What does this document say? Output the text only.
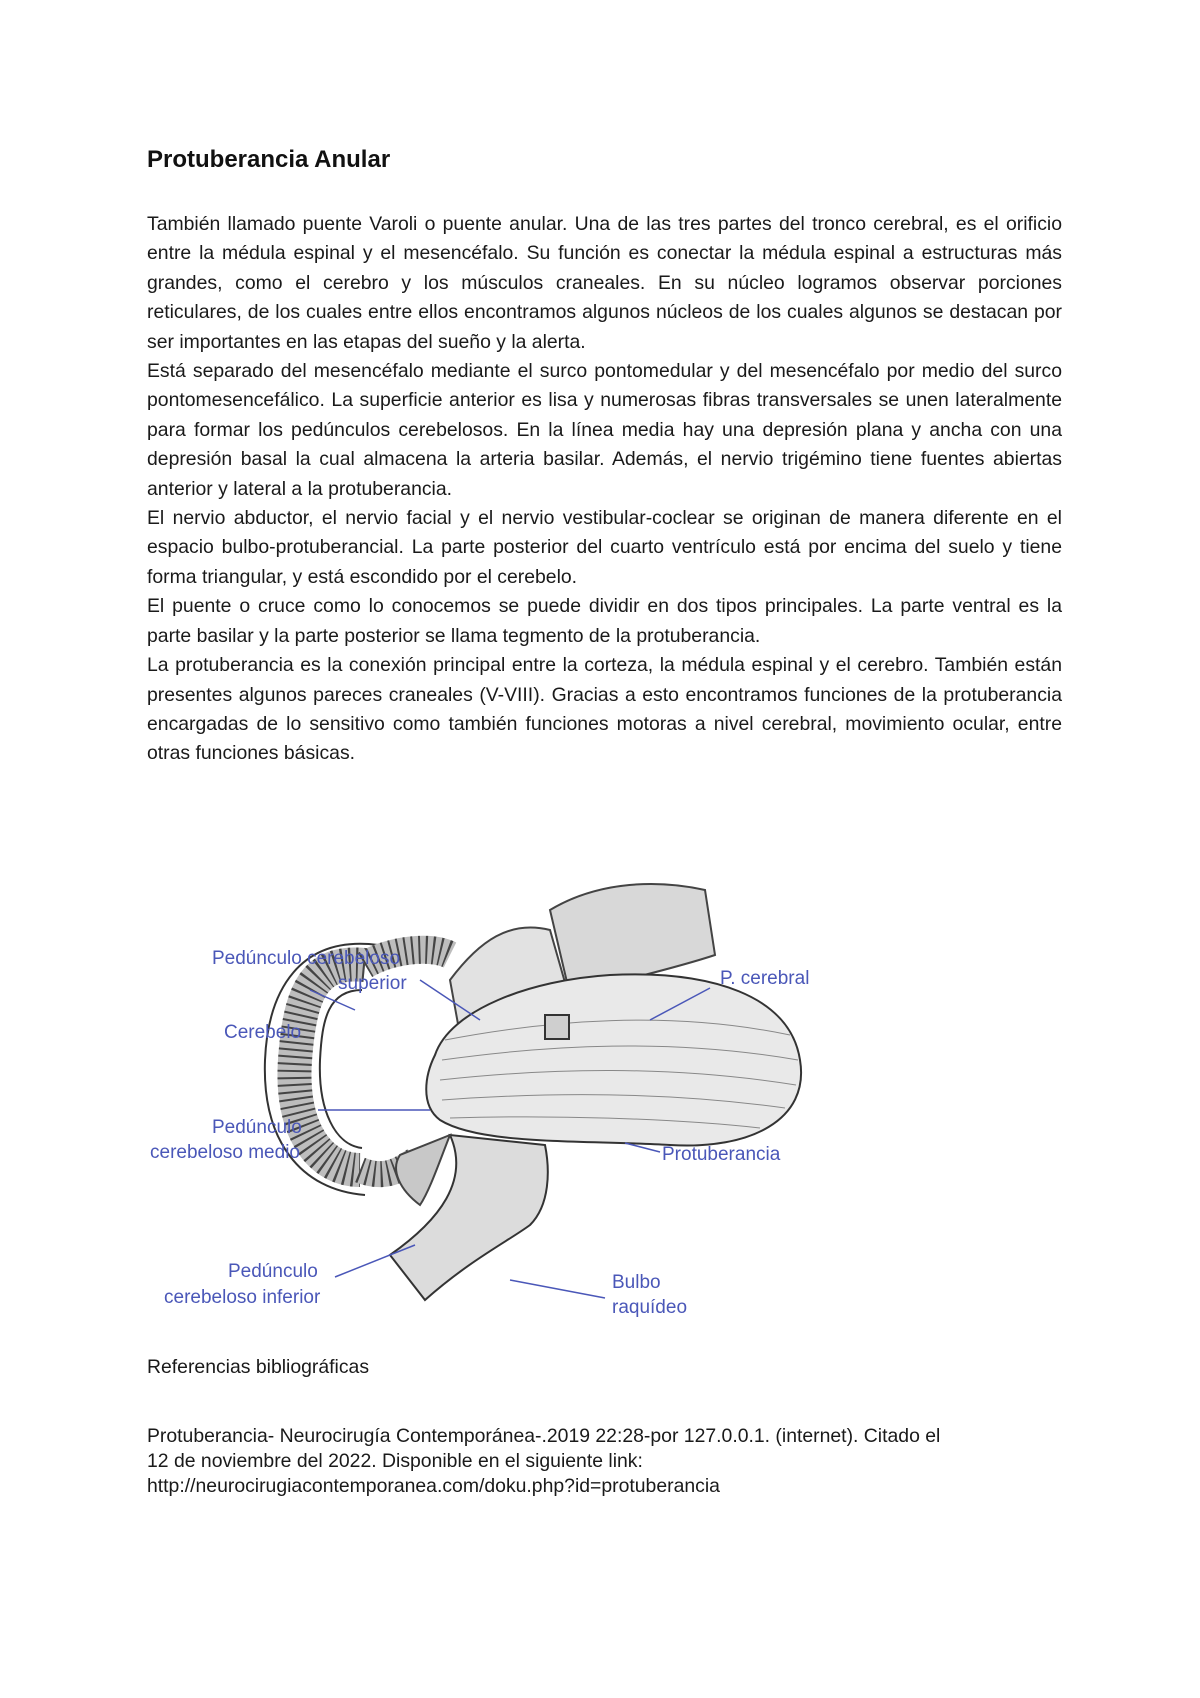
Protuberancia Anular

También llamado puente Varoli o puente anular. Una de las tres partes del tronco cerebral, es el orificio entre la médula espinal y el mesencéfalo. Su función es conectar la médula espinal a estructuras más grandes, como el cerebro y los músculos craneales. En su núcleo logramos observar porciones reticulares, de los cuales entre ellos encontramos algunos núcleos de los cuales algunos se destacan por ser importantes en las etapas del sueño y la alerta.

Está separado del mesencéfalo mediante el surco pontomedular y del mesencéfalo por medio del surco pontomesencefálico. La superficie anterior es lisa y numerosas fibras transversales se unen lateralmente para formar los pedúnculos cerebelosos. En la línea media hay una depresión plana y ancha con una depresión basal la cual almacena la arteria basilar. Además, el nervio trigémino tiene fuentes abiertas anterior y lateral a la protuberancia.

El nervio abductor, el nervio facial y el nervio vestibular-coclear se originan de manera diferente en el espacio bulbo-protuberancial. La parte posterior del cuarto ventrículo está por encima del suelo y tiene forma triangular, y está escondido por el cerebelo.

El puente o cruce como lo conocemos se puede dividir en dos tipos principales. La parte ventral es la parte basilar y la parte posterior se llama tegmento de la protuberancia.

La protuberancia es la conexión principal entre la corteza, la médula espinal y el cerebro. También están presentes algunos pareces craneales (V-VIII). Gracias a esto encontramos funciones de la protuberancia encargadas de lo sensitivo como también funciones motoras a nivel cerebral, movimiento ocular, entre otras funciones básicas.

Pedúnculo cerebeloso
superior
Cerebelo
P. cerebral
Pedúnculo
cerebeloso medio	Protuberancia
Pedúnculo
cerebeloso inferior
Bulbo
raquídeo

Referencias bibliográficas

Protuberancia- Neurocirugía Contemporánea-.2019 22:28-por 127.0.0.1. (internet). Citado el
12 de noviembre del 2022. Disponible en el siguiente link:
http://neurocirugiacontemporanea.com/doku.php?id=protuberancia
